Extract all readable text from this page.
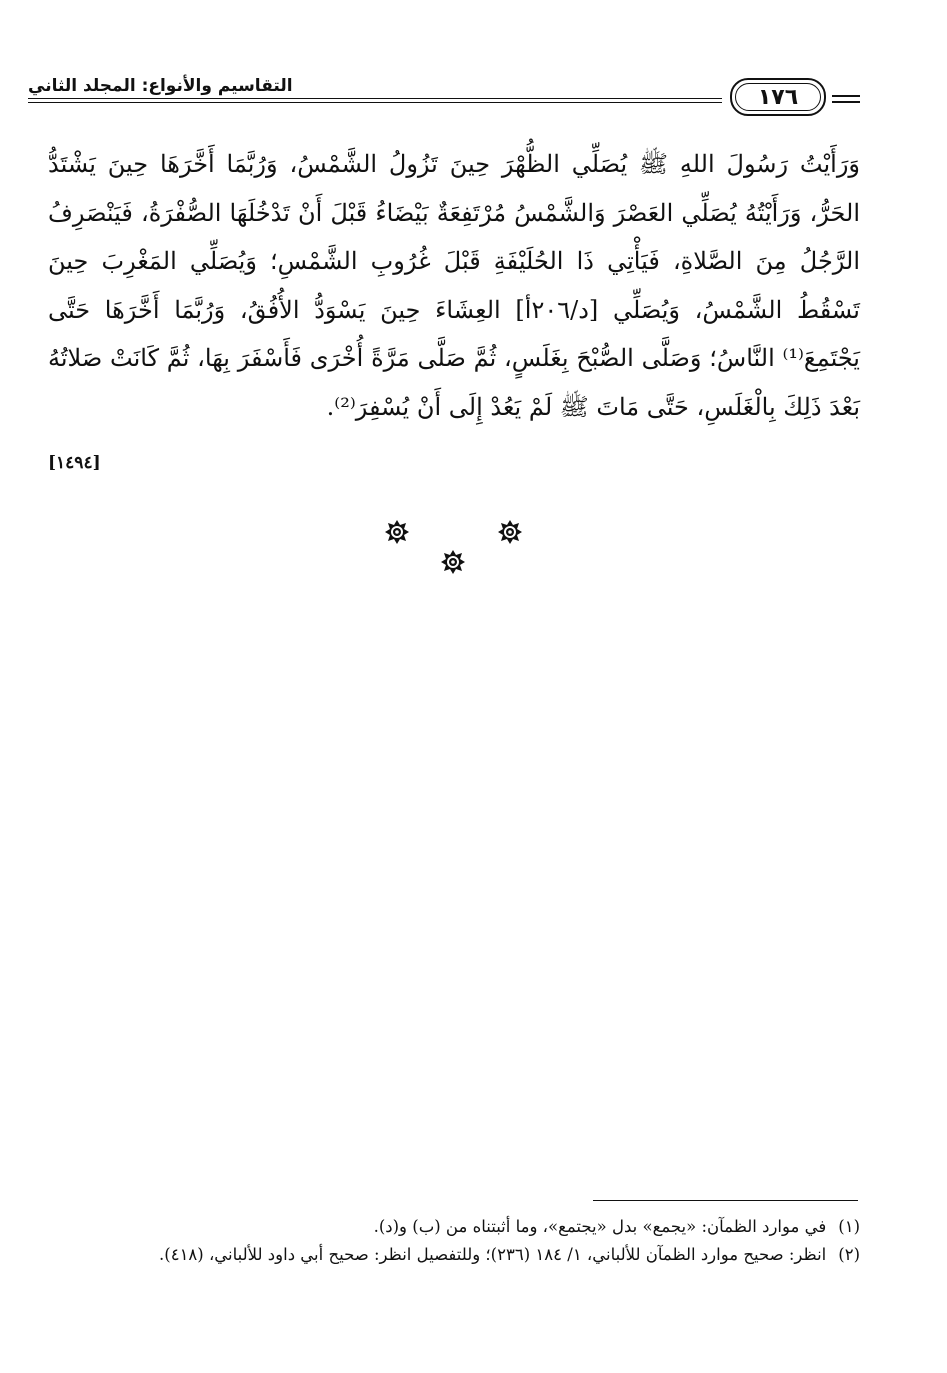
التقاسيم والأنواع: المجلد الثاني	١٧٦

وَرَأَيْتُ رَسُولَ اللهِ ﷺ يُصَلِّي الظُّهْرَ حِينَ تَزُولُ الشَّمْسُ، وَرُبَّمَا أَخَّرَهَا حِينَ يَشْتَدُّ الحَرُّ، وَرَأَيْتُهُ يُصَلِّي العَصْرَ وَالشَّمْسُ مُرْتَفِعَةٌ بَيْضَاءُ قَبْلَ أَنْ تَدْخُلَهَا الصُّفْرَةُ، فَيَنْصَرِفُ الرَّجُلُ مِنَ الصَّلاةِ، فَيَأْتِي ذَا الحُلَيْفَةِ قَبْلَ غُرُوبِ الشَّمْسِ؛ وَيُصَلِّي المَغْرِبَ حِينَ تَسْقُطُ الشَّمْسُ، وَيُصَلِّي [د/٢٠٦أ] العِشَاءَ حِينَ يَسْوَدُّ الأُفُقُ، وَرُبَّمَا أَخَّرَهَا حَتَّى يَجْتَمِعَ⁽¹⁾ النَّاسُ؛ وَصَلَّى الصُّبْحَ بِغَلَسٍ، ثُمَّ صَلَّى مَرَّةً أُخْرَى فَأَسْفَرَ بِهَا، ثُمَّ كَانَتْ صَلاتُهُ بَعْدَ ذَلِكَ بِالْغَلَسِ، حَتَّى مَاتَ ﷺ لَمْ يَعُدْ إِلَى أَنْ يُسْفِرَ⁽²⁾.

[١٤٩٤]
(١)
في موارد الظمآن: «يجمع» بدل «يجتمع»، وما أثبتناه من (ب) و(د).
(٢)
انظر: صحيح موارد الظمآن للألباني، ١/ ١٨٤ (٢٣٦)؛ وللتفصيل انظر: صحيح أبي داود للألباني، (٤١٨).
